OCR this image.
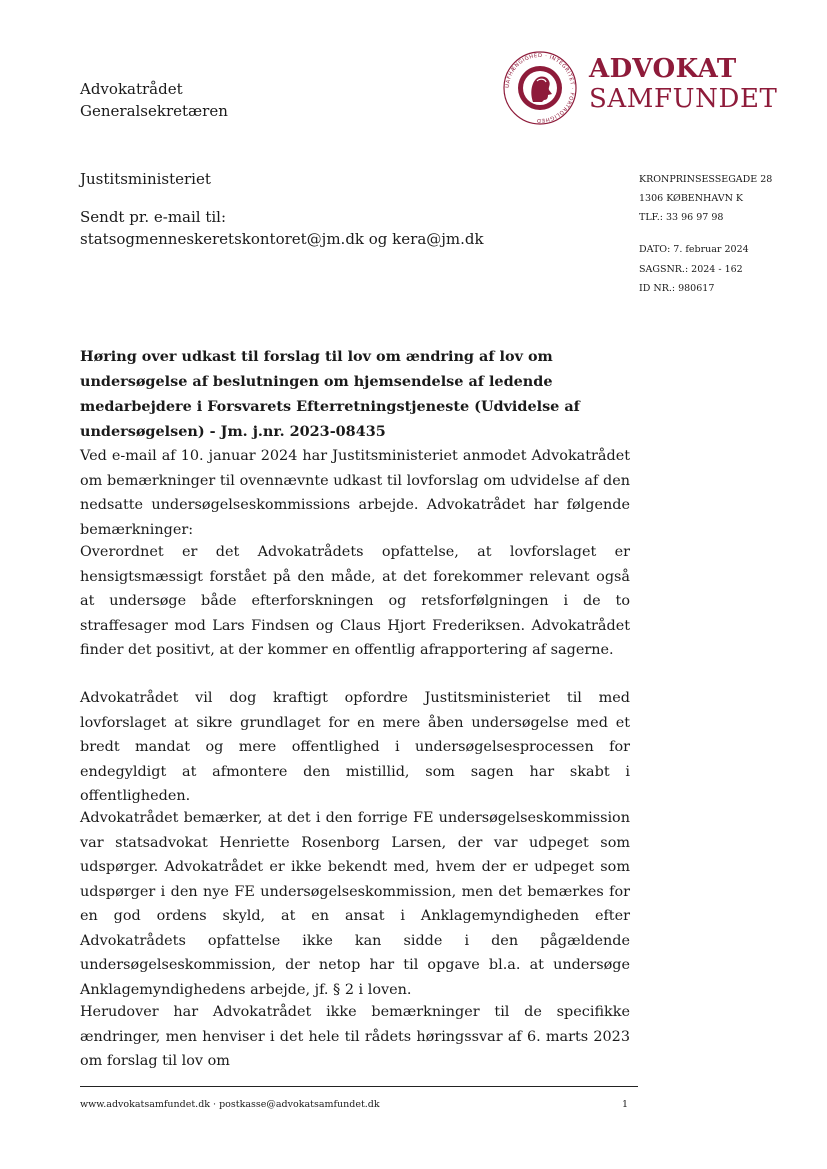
Advokatrådet
Generalsekretæren
UAFHÆNGIGHED · INTEGRITET · FORTROLIGHED
ADVOKAT
SAMFUNDET
Justitsministeriet
Sendt pr. e-mail til:
statsogmenneskeretskontoret@jm.dk og kera@jm.dk
KRONPRINSESSEGADE 28
1306 KØBENHAVN K
TLF.: 33 96 97 98
DATO: 7. februar 2024
SAGSNR.: 2024 - 162
ID NR.: 980617
Høring over udkast til forslag til lov om ændring af lov om undersøgelse af beslutningen om hjemsendelse af ledende medarbejdere i Forsvarets Efterretningstjeneste (Udvidelse af undersøgelsen) - Jm. j.nr. 2023-08435
Ved e-mail af 10. januar 2024 har Justitsministeriet anmodet Advokatrådet om bemærkninger til ovennævnte udkast til lovforslag om udvidelse af den nedsatte undersøgelseskommissions arbejde. Advokatrådet har følgende bemærkninger:
Overordnet er det Advokatrådets opfattelse, at lovforslaget er hensigtsmæssigt forstået på den måde, at det forekommer relevant også at undersøge både efterforskningen og retsforfølgningen i de to straffesager mod Lars Findsen og Claus Hjort Frederiksen. Advokatrådet finder det positivt, at der kommer en offentlig afrapportering af sagerne.
Advokatrådet vil dog kraftigt opfordre Justitsministeriet til med lovforslaget at sikre grundlaget for en mere åben undersøgelse med et bredt mandat og mere offentlighed i undersøgelsesprocessen for endegyldigt at afmontere den mistillid, som sagen har skabt i offentligheden.
Advokatrådet bemærker, at det i den forrige FE undersøgelseskommission var statsadvokat Henriette Rosenborg Larsen, der var udpeget som udspørger. Advokatrådet er ikke bekendt med, hvem der er udpeget som udspørger i den nye FE undersøgelseskommission, men det bemærkes for en god ordens skyld, at en ansat i Anklagemyndigheden efter Advokatrådets opfattelse ikke kan sidde i den pågældende undersøgelseskommission, der netop har til opgave bl.a. at undersøge Anklagemyndighedens arbejde, jf. § 2 i loven.
Herudover har Advokatrådet ikke bemærkninger til de specifikke ændringer, men henviser i det hele til rådets høringssvar af 6. marts 2023 om forslag til lov om
www.advokatsamfundet.dk · postkasse@advokatsamfundet.dk	1
